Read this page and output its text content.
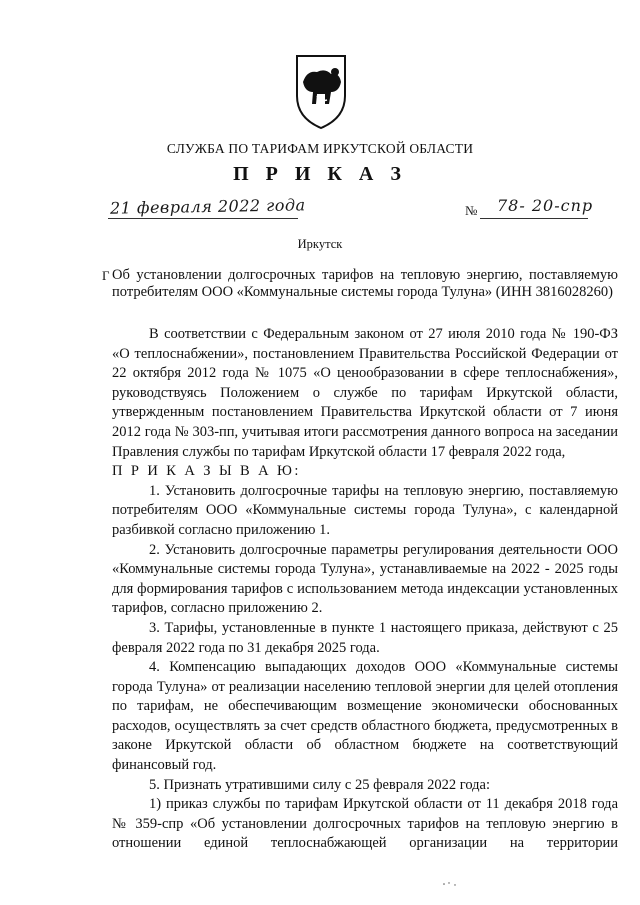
СЛУЖБА ПО ТАРИФАМ ИРКУТСКОЙ ОБЛАСТИ
П Р И К А З
21 февраля 2022 года	№ 78- 20-спр
Иркутск
Г Об установлении долгосрочных тарифов на тепловую энергию, поставляемую потребителям ООО «Коммунальные системы города Тулуна» (ИНН 3816028260)

В соответствии с Федеральным законом от 27 июля 2010 года № 190-ФЗ «О теплоснабжении», постановлением Правительства Российской Федерации от 22 октября 2012 года № 1075 «О ценообразовании в сфере теплоснабжения», руководствуясь Положением о службе по тарифам Иркутской области, утвержденным постановлением Правительства Иркутской области от 7 июня 2012 года № 303-пп, учитывая итоги рассмотрения данного вопроса на заседании Правления службы по тарифам Иркутской области 17 февраля 2022 года,

П Р И К А З Ы В А Ю:

1. Установить долгосрочные тарифы на тепловую энергию, поставляемую потребителям ООО «Коммунальные системы города Тулуна», с календарной разбивкой согласно приложению 1.

2. Установить долгосрочные параметры регулирования деятельности ООО «Коммунальные системы города Тулуна», устанавливаемые на 2022 - 2025 годы для формирования тарифов с использованием метода индексации установленных тарифов, согласно приложению 2.

3. Тарифы, установленные в пункте 1 настоящего приказа, действуют с 25 февраля 2022 года по 31 декабря 2025 года.

4. Компенсацию выпадающих доходов ООО «Коммунальные системы города Тулуна» от реализации населению тепловой энергии для целей отопления по тарифам, не обеспечивающим возмещение экономически обоснованных расходов, осуществлять за счет средств областного бюджета, предусмотренных в законе Иркутской области об областном бюджете на соответствующий финансовый год.

5. Признать утратившими силу с 25 февраля 2022 года:

1) приказ службы по тарифам Иркутской области от 11 декабря 2018 года № 359-спр «Об установлении долгосрочных тарифов на тепловую энергию в отношении единой теплоснабжающей организации на территории
